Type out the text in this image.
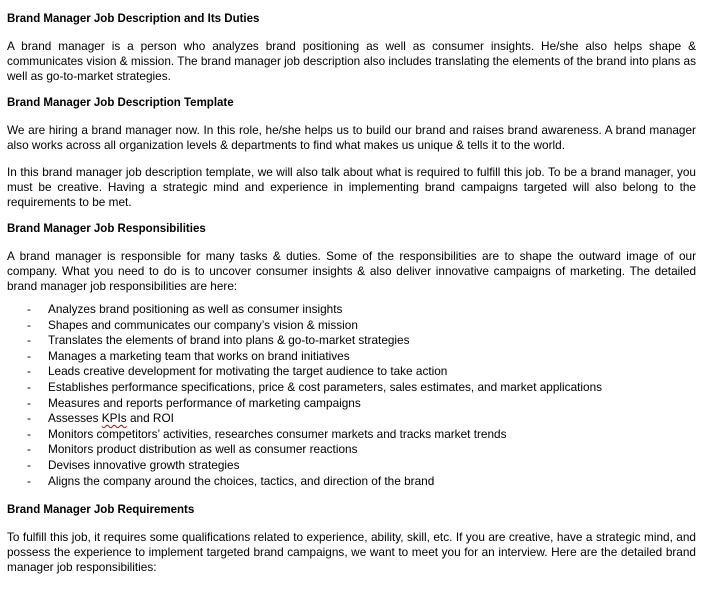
Brand Manager Job Description and Its Duties

A brand manager is a person who analyzes brand positioning as well as consumer insights. He/she also helps shape & communicates vision & mission. The brand manager job description also includes translating the elements of the brand into plans as well as go-to-market strategies.

Brand Manager Job Description Template

We are hiring a brand manager now. In this role, he/she helps us to build our brand and raises brand awareness. A brand manager also works across all organization levels & departments to find what makes us unique & tells it to the world.

In this brand manager job description template, we will also talk about what is required to fulfill this job. To be a brand manager, you must be creative. Having a strategic mind and experience in implementing brand campaigns targeted will also belong to the requirements to be met.

Brand Manager Job Responsibilities

A brand manager is responsible for many tasks & duties. Some of the responsibilities are to shape the outward image of our company. What you need to do is to uncover consumer insights & also deliver innovative campaigns of marketing. The detailed brand manager job responsibilities are here:

- Analyzes brand positioning as well as consumer insights
- Shapes and communicates our company’s vision & mission
- Translates the elements of brand into plans & go-to-market strategies
- Manages a marketing team that works on brand initiatives
- Leads creative development for motivating the target audience to take action
- Establishes performance specifications, price & cost parameters, sales estimates, and market applications
- Measures and reports performance of marketing campaigns
- Assesses KPIs and ROI
- Monitors competitors’ activities, researches consumer markets and tracks market trends
- Monitors product distribution as well as consumer reactions
- Devises innovative growth strategies
- Aligns the company around the choices, tactics, and direction of the brand
Brand Manager Job Requirements

To fulfill this job, it requires some qualifications related to experience, ability, skill, etc. If you are creative, have a strategic mind, and possess the experience to implement targeted brand campaigns, we want to meet you for an interview. Here are the detailed brand manager job responsibilities:
